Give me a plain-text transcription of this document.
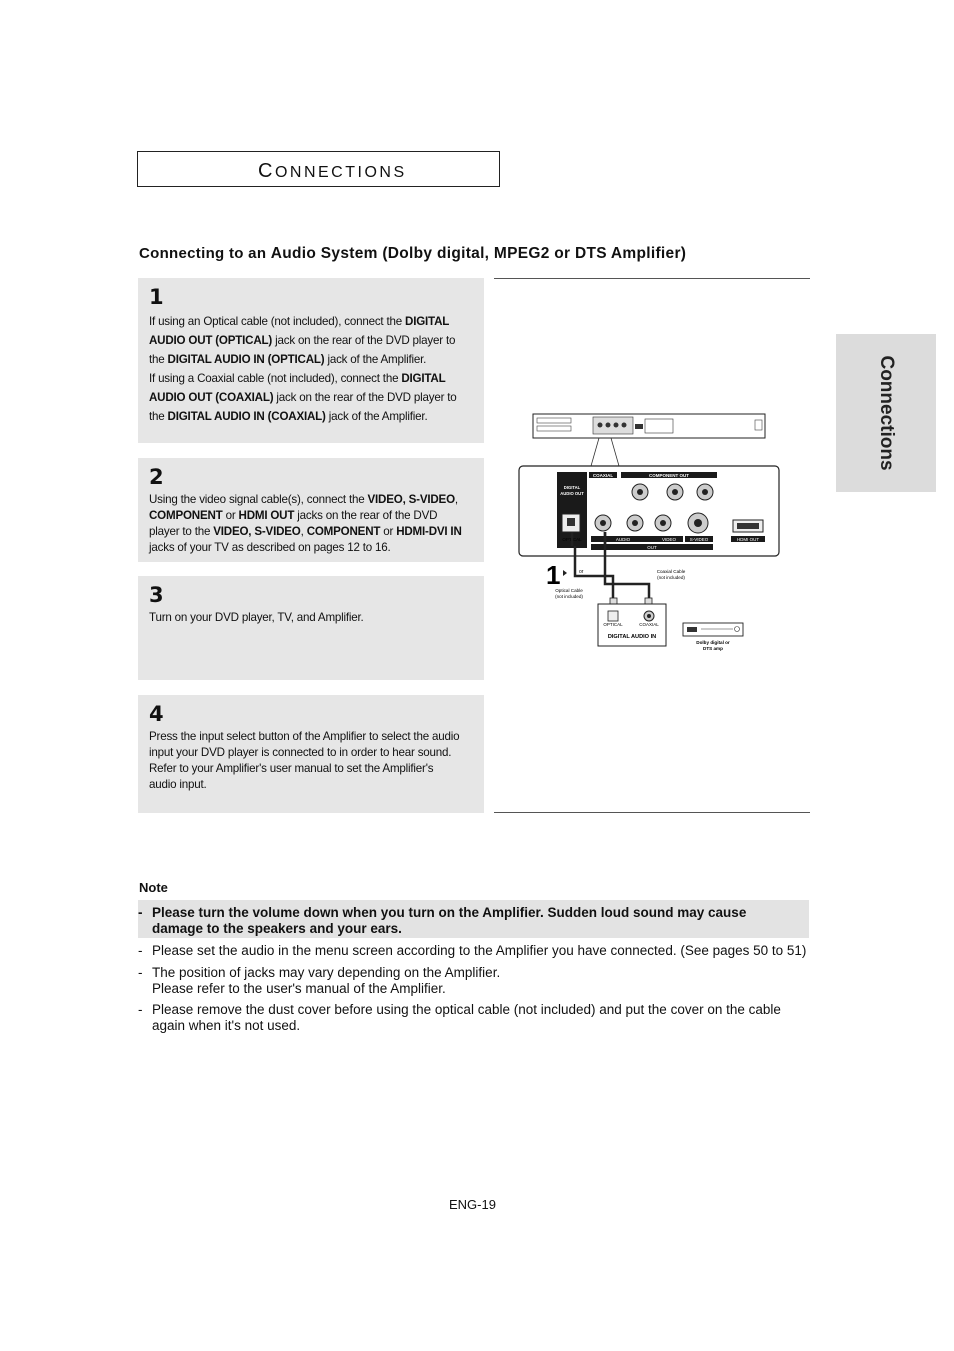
CONNECTIONS
Connections
Connecting to an Audio System (Dolby digital, MPEG2 or DTS Amplifier)
1
If using an Optical cable (not included), connect the DIGITAL
AUDIO OUT (OPTICAL) jack on the rear of the DVD player to
the DIGITAL AUDIO IN (OPTICAL) jack of the Amplifier.
If using a Coaxial cable (not included), connect the DIGITAL
AUDIO OUT (COAXIAL) jack on the rear of the DVD player to
the DIGITAL AUDIO IN (COAXIAL) jack of the Amplifier.
2
Using the video signal cable(s), connect the VIDEO, S-VIDEO,
COMPONENT or HDMI OUT jacks on the rear of the DVD
player to the VIDEO, S-VIDEO, COMPONENT or HDMI-DVI IN
jacks of your TV as described on pages 12 to 16.
3
Turn on your DVD player, TV, and Amplifier.
4
Press the input select button of the Amplifier to select the audio
input your DVD player is connected to in order to hear sound.
Refer to your Amplifier's user manual to set the Amplifier's
audio input.
DIGITAL
AUDIO OUT
COAXIAL	COMPONENT OUT
OPTICAL	AUDIO	VIDEO	S-VIDEO
OUT
HDMI OUT
1	or	Coaxial Cable
(not included)
Optical Cable
(not included)
OPTICAL	COAXIAL
DIGITAL AUDIO IN
Dolby digital or
DTS amp
Note
- Please turn the volume down when you turn on the Amplifier. Sudden loud sound may cause
damage to the speakers and your ears.
- Please set the audio in the menu screen according to the Amplifier you have connected. (See pages 50 to 51)
- The position of jacks may vary depending on the Amplifier.
Please refer to the user's manual of the Amplifier.
- Please remove the dust cover before using the optical cable (not included) and put the cover on the cable
again when it's not used.
ENG-19
